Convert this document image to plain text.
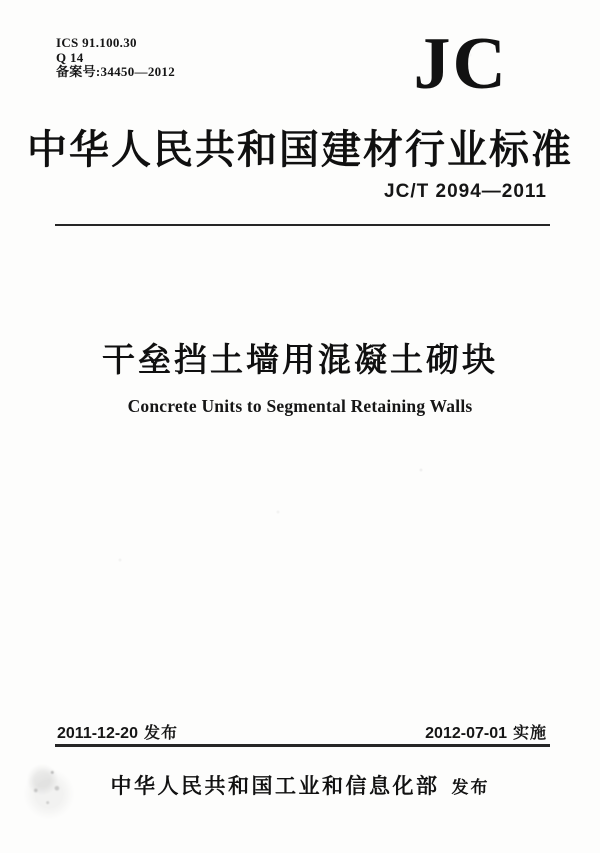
ICS 91.100.30
Q 14
备案号:34450—2012	JC
中华人民共和国建材行业标准
JC/T 2094—2011
干垒挡土墙用混凝土砌块
Concrete Units to Segmental Retaining Walls
2011-12-20 发布	2012-07-01 实施
中华人民共和国工业和信息化部 发布
